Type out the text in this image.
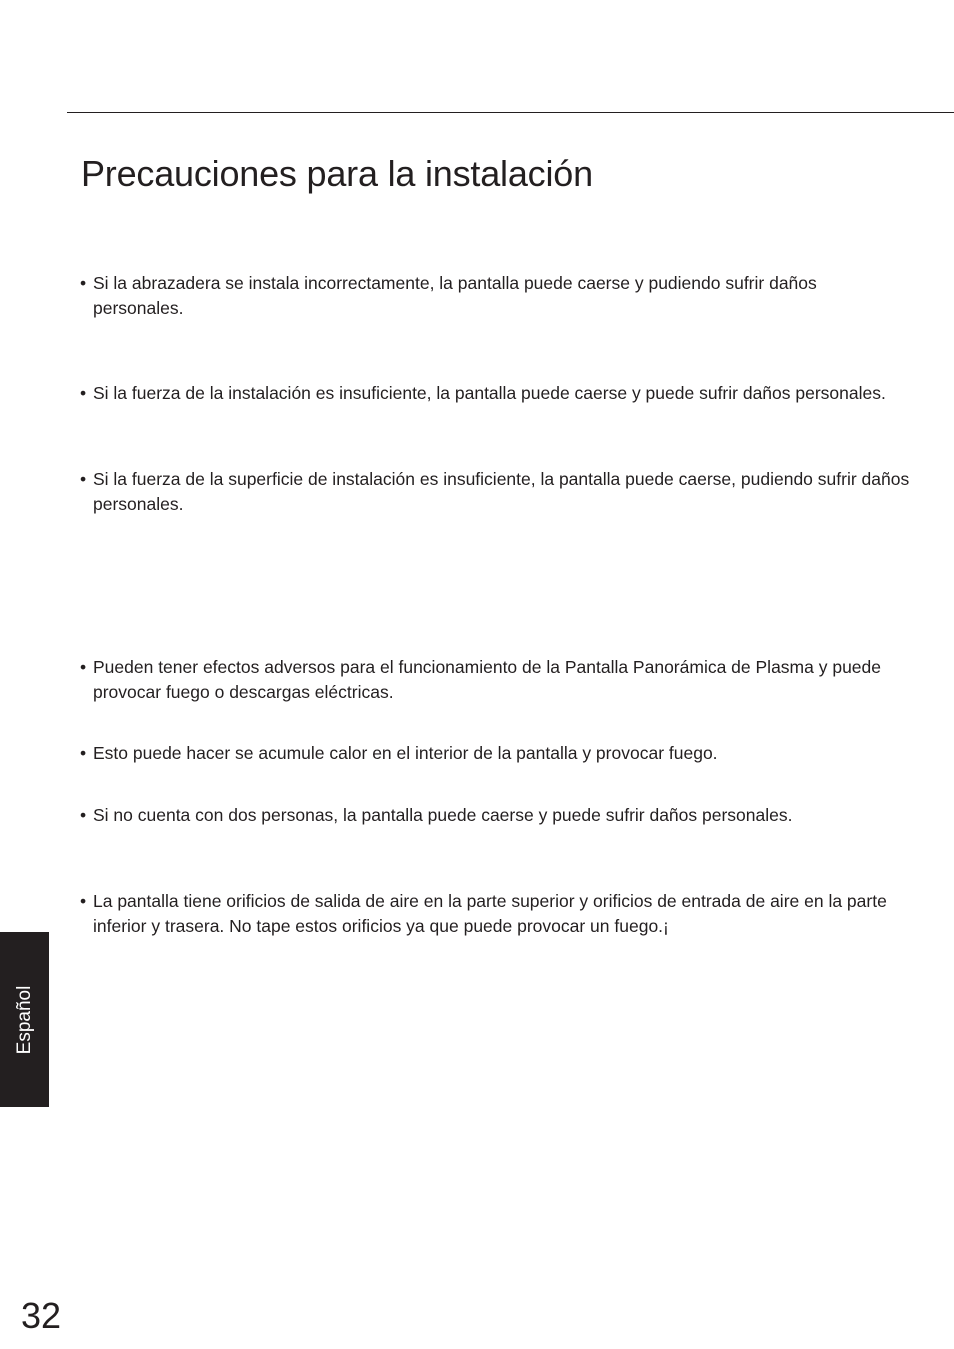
Precauciones para la instalación
• Si la abrazadera se instala incorrectamente, la pantalla puede caerse y pudiendo sufrir daños personales.
• Si la fuerza de la instalación es insuficiente, la pantalla puede caerse y puede sufrir daños personales.
• Si la fuerza de la superficie de instalación es insuficiente, la pantalla puede caerse, pudiendo sufrir daños personales.
• Pueden tener efectos adversos para el funcionamiento de la Pantalla Panorámica de Plasma y puede provocar fuego o descargas eléctricas.
• Esto puede hacer se acumule calor en el interior de la pantalla y provocar fuego.
• Si no cuenta con dos personas, la pantalla puede caerse y puede sufrir daños personales.
• La pantalla tiene orificios de salida de aire en la parte superior y orificios de entrada de aire en la parte inferior y trasera. No tape estos orificios ya que puede provocar un fuego.¡
Español
32
